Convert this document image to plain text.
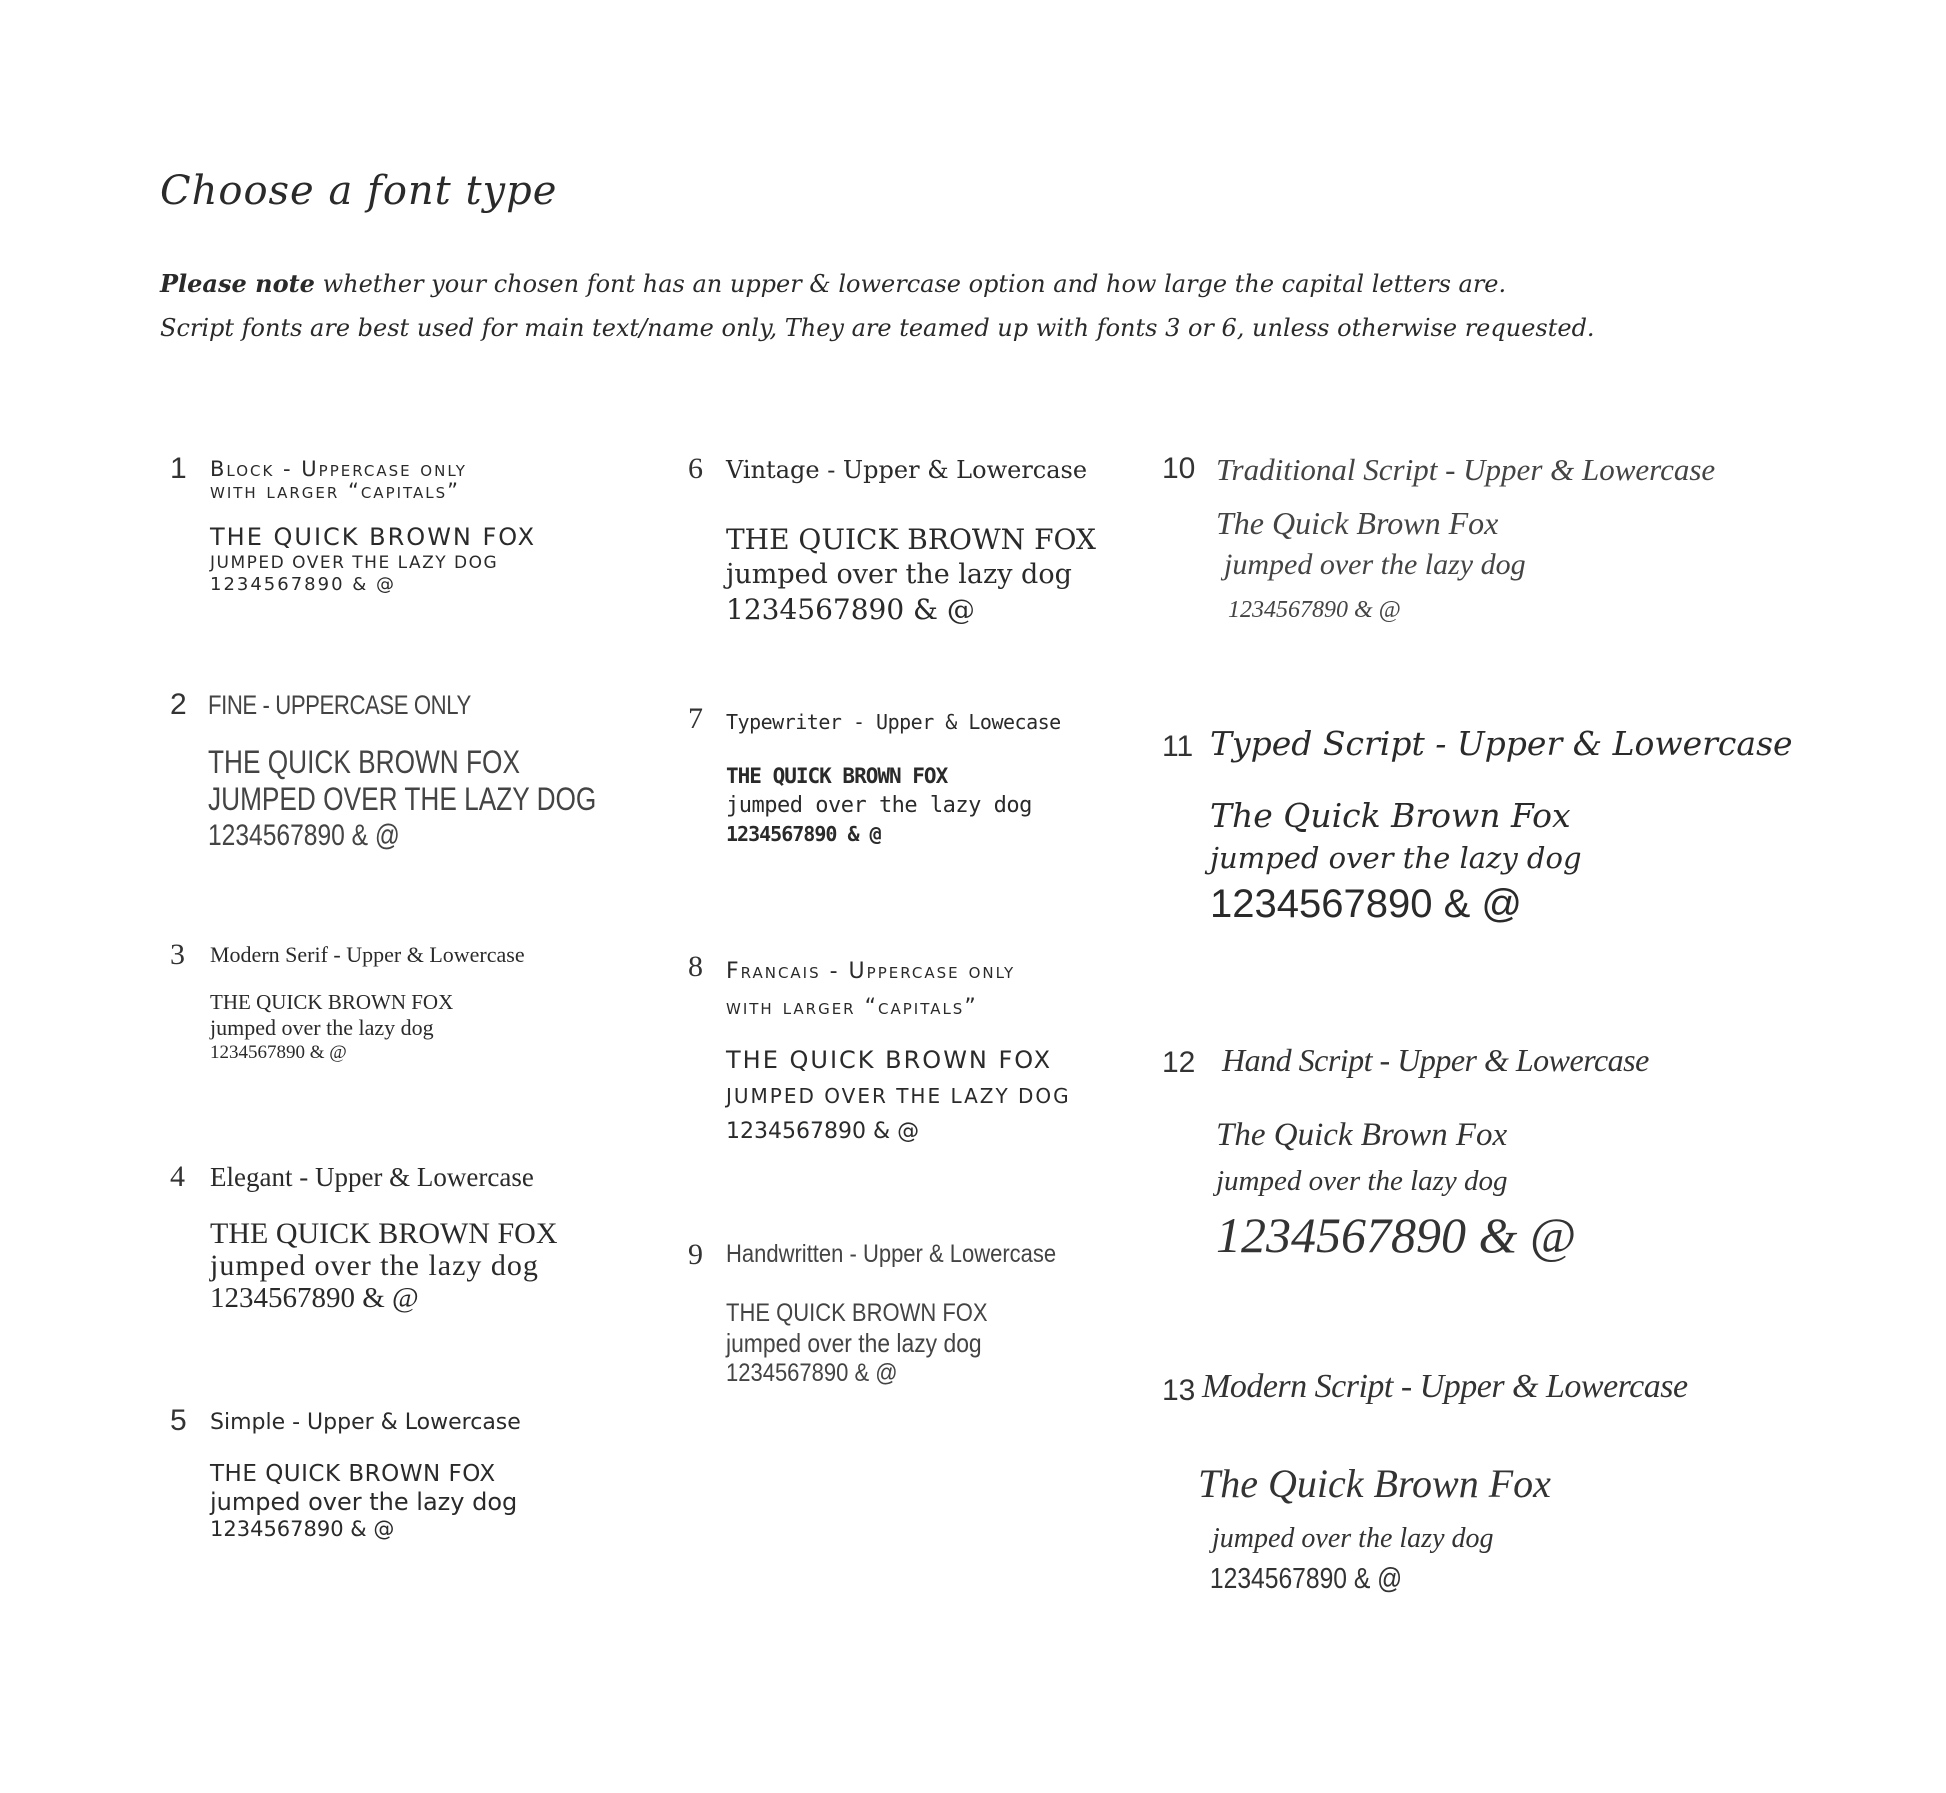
Choose a font type
Please note whether your chosen font has an upper & lowercase option and how large the capital letters are.
Script fonts are best used for main text/name only, They are teamed up with fonts 3 or 6, unless otherwise requested.
1 Block - Uppercase only
with larger “capitals”
THE QUICK BROWN FOX
JUMPED OVER THE LAZY DOG
1234567890 & @
2 FINE - UPPERCASE ONLY
THE QUICK BROWN FOX
JUMPED OVER THE LAZY DOG
1234567890 & @
3 Modern Serif - Upper & Lowercase
THE QUICK BROWN FOX
jumped over the lazy dog
1234567890 & @
4 Elegant - Upper & Lowercase
THE QUICK BROWN FOX
jumped over the lazy dog
1234567890 & @
5 Simple - Upper & Lowercase
THE QUICK BROWN FOX
jumped over the lazy dog
1234567890 & @
6 Vintage - Upper & Lowercase
THE QUICK BROWN FOX
jumped over the lazy dog
1234567890 & @
7 Typewriter - Upper & Lowecase
THE QUICK BROWN FOX
jumped over the lazy dog
1234567890 & @
8 Francais - Uppercase only
with larger “capitals”
THE QUICK BROWN FOX
JUMPED OVER THE LAZY DOG
1234567890 & @
9 Handwritten - Upper & Lowercase
THE QUICK BROWN FOX
jumped over the lazy dog
1234567890 & @
10 Traditional Script - Upper & Lowercase
The Quick Brown Fox
jumped over the lazy dog
1234567890 & @
11 Typed Script - Upper & Lowercase
The Quick Brown Fox
jumped over the lazy dog
1234567890 & @
12 Hand Script - Upper & Lowercase
The Quick Brown Fox
jumped over the lazy dog
1234567890 & @
13 Modern Script - Upper & Lowercase
The Quick Brown Fox
jumped over the lazy dog
1234567890 & @
